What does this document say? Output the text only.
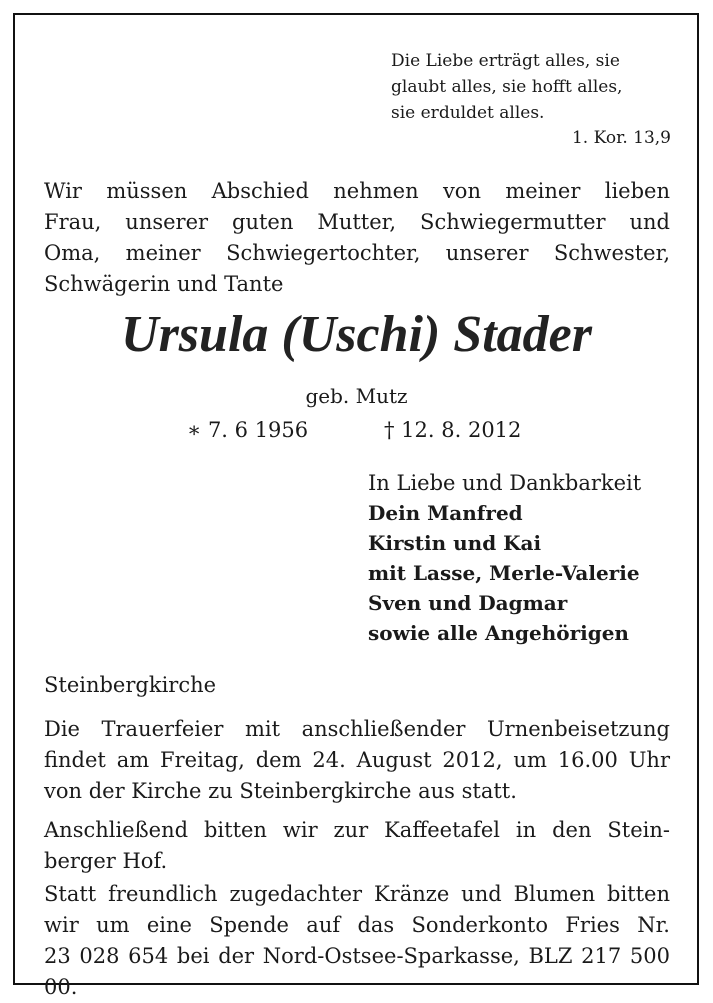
Die Liebe erträgt alles, sie
glaubt alles, sie hofft alles,
sie erduldet alles.
1. Kor. 13,9

Wir müssen Abschied nehmen von meiner lieben

Frau, unserer guten Mutter, Schwiegermutter und

Oma, meiner Schwiegertochter, unserer Schwester,

Schwägerin und Tante

Ursula (Uschi) Stader
geb. Mutz
∗ 7. 6 1956	† 12. 8. 2012
In Liebe und Dankbarkeit
Dein Manfred
Kirstin und Kai
mit Lasse, Merle-Valerie
Sven und Dagmar
sowie alle Angehörigen
Steinbergkirche

Die Trauerfeier mit anschließender Urnenbeisetzung

findet am Freitag, dem 24. August 2012, um 16.00 Uhr

von der Kirche zu Steinbergkirche aus statt.

Anschließend bitten wir zur Kaffeetafel in den Stein-

berger Hof.

Statt freundlich zugedachter Kränze und Blumen bitten

wir um eine Spende auf das Sonderkonto Fries Nr.

23 028 654 bei der Nord-Ostsee-Sparkasse, BLZ 217 500 00.
